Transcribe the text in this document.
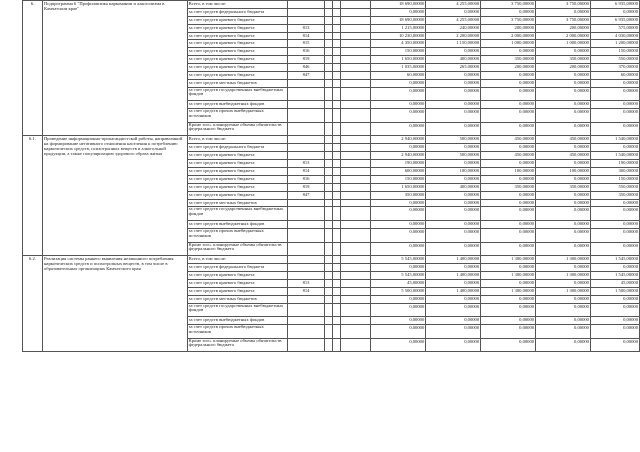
6.	Подпрограмма 6 "Профилактика наркомании и алкоголизма в Камчатском крае"	Всего, в том числе:					18 690,00000	4 255,00000	3 750,00000	3 750,00000	6 935,00000
		за счет средств федерального бюджета					0,00000	0,00000	0,00000	0,00000	0,00000
		за счет средств краевого бюджета					18 690,00000	4 255,00000	3 750,00000	3 750,00000	6 935,00000
		за счет средств краевого бюджета	813				1 215,00000	240,00000	200,00000	200,00000	575,00000
		за счет средств краевого бюджета	814				10 230,00000	2 200,00000	2 000,00000	2 000,00000	4 030,00000
		за счет средств краевого бюджета	815				4 350,00000	1 150,00000	1 000,00000	1 000,00000	1 200,00000
		за счет средств краевого бюджета	816				150,00000	0,00000	0,00000	0,00000	150,00000
		за счет средств краевого бюджета	819				1 650,00000	400,00000	350,00000	350,00000	550,00000
		за счет средств краевого бюджета	846				1 035,00000	265,00000	200,00000	200,00000	370,00000
		за счет средств краевого бюджета	847				60,00000	0,00000	0,00000	0,00000	60,00000
		за счет средств местных бюджетов					0,00000	0,00000	0,00000	0,00000	0,00000
		за счет средств государственных внебюджетных фондов					0,00000	0,00000	0,00000	0,00000	0,00000
		за счет средств внебюджетных фондов					0,00000	0,00000	0,00000	0,00000	0,00000
		за счет средств прочих внебюджетных источников					0,00000	0,00000	0,00000	0,00000	0,00000
		Кроме того, планируемые объемы обязательств федерального бюджета					0,00000	0,00000	0,00000	0,00000	0,00000
6.1.	Проведение информационно-пропагандистской работы, направленной на формирование негативного отношения населения к потреблению наркотических средств, психотропных веществ и алкогольной продукции, а также популяризацию здорового образа жизни	Всего, в том числе:					2 940,00000	500,00000	450,00000	450,00000	1 540,00000
		за счет средств федерального бюджета					0,00000	0,00000	0,00000	0,00000	0,00000
		за счет средств краевого бюджета					2 940,00000	500,00000	450,00000	450,00000	1 540,00000
		за счет средств краевого бюджета	813				190,00000	0,00000	0,00000	0,00000	190,00000
		за счет средств краевого бюджета	814				600,00000	100,00000	100,00000	100,00000	300,00000
		за счет средств краевого бюджета	816				150,00000	0,00000	0,00000	0,00000	150,00000
		за счет средств краевого бюджета	819				1 650,00000	400,00000	350,00000	350,00000	550,00000
		за счет средств краевого бюджета	847				350,00000	0,00000	0,00000	0,00000	350,00000
		за счет средств местных бюджетов					0,00000	0,00000	0,00000	0,00000	0,00000
		за счет средств государственных внебюджетных фондов					0,00000	0,00000	0,00000	0,00000	0,00000
		за счет средств внебюджетных фондов					0,00000	0,00000	0,00000	0,00000	0,00000
		за счет средств прочих внебюджетных источников					0,00000	0,00000	0,00000	0,00000	0,00000
		Кроме того, планируемые объемы обязательств федерального бюджета					0,00000	0,00000	0,00000	0,00000	0,00000
6.2.	Реализация системы раннего выявления незаконного потребления наркотических средств и психотропных веществ, в том числе в образовательных организациях Камчатского края	Всего, в том числе:					5 545,00000	1 400,00000	1 300,00000	1 300,00000	1 545,00000
		за счет средств федерального бюджета					0,00000	0,00000	0,00000	0,00000	0,00000
		за счет средств краевого бюджета					5 545,00000	1 400,00000	1 300,00000	1 300,00000	1 545,00000
		за счет средств краевого бюджета	813				45,00000	0,00000	0,00000	0,00000	45,00000
		за счет средств краевого бюджета	814				5 500,00000	1 400,00000	1 300,00000	1 300,00000	1 500,00000
		за счет средств местных бюджетов					0,00000	0,00000	0,00000	0,00000	0,00000
		за счет средств государственных внебюджетных фондов					0,00000	0,00000	0,00000	0,00000	0,00000
		за счет средств внебюджетных фондов					0,00000	0,00000	0,00000	0,00000	0,00000
		за счет средств прочих внебюджетных источников					0,00000	0,00000	0,00000	0,00000	0,00000
		Кроме того, планируемые объемы обязательств федерального бюджета					0,00000	0,00000	0,00000	0,00000	0,00000
